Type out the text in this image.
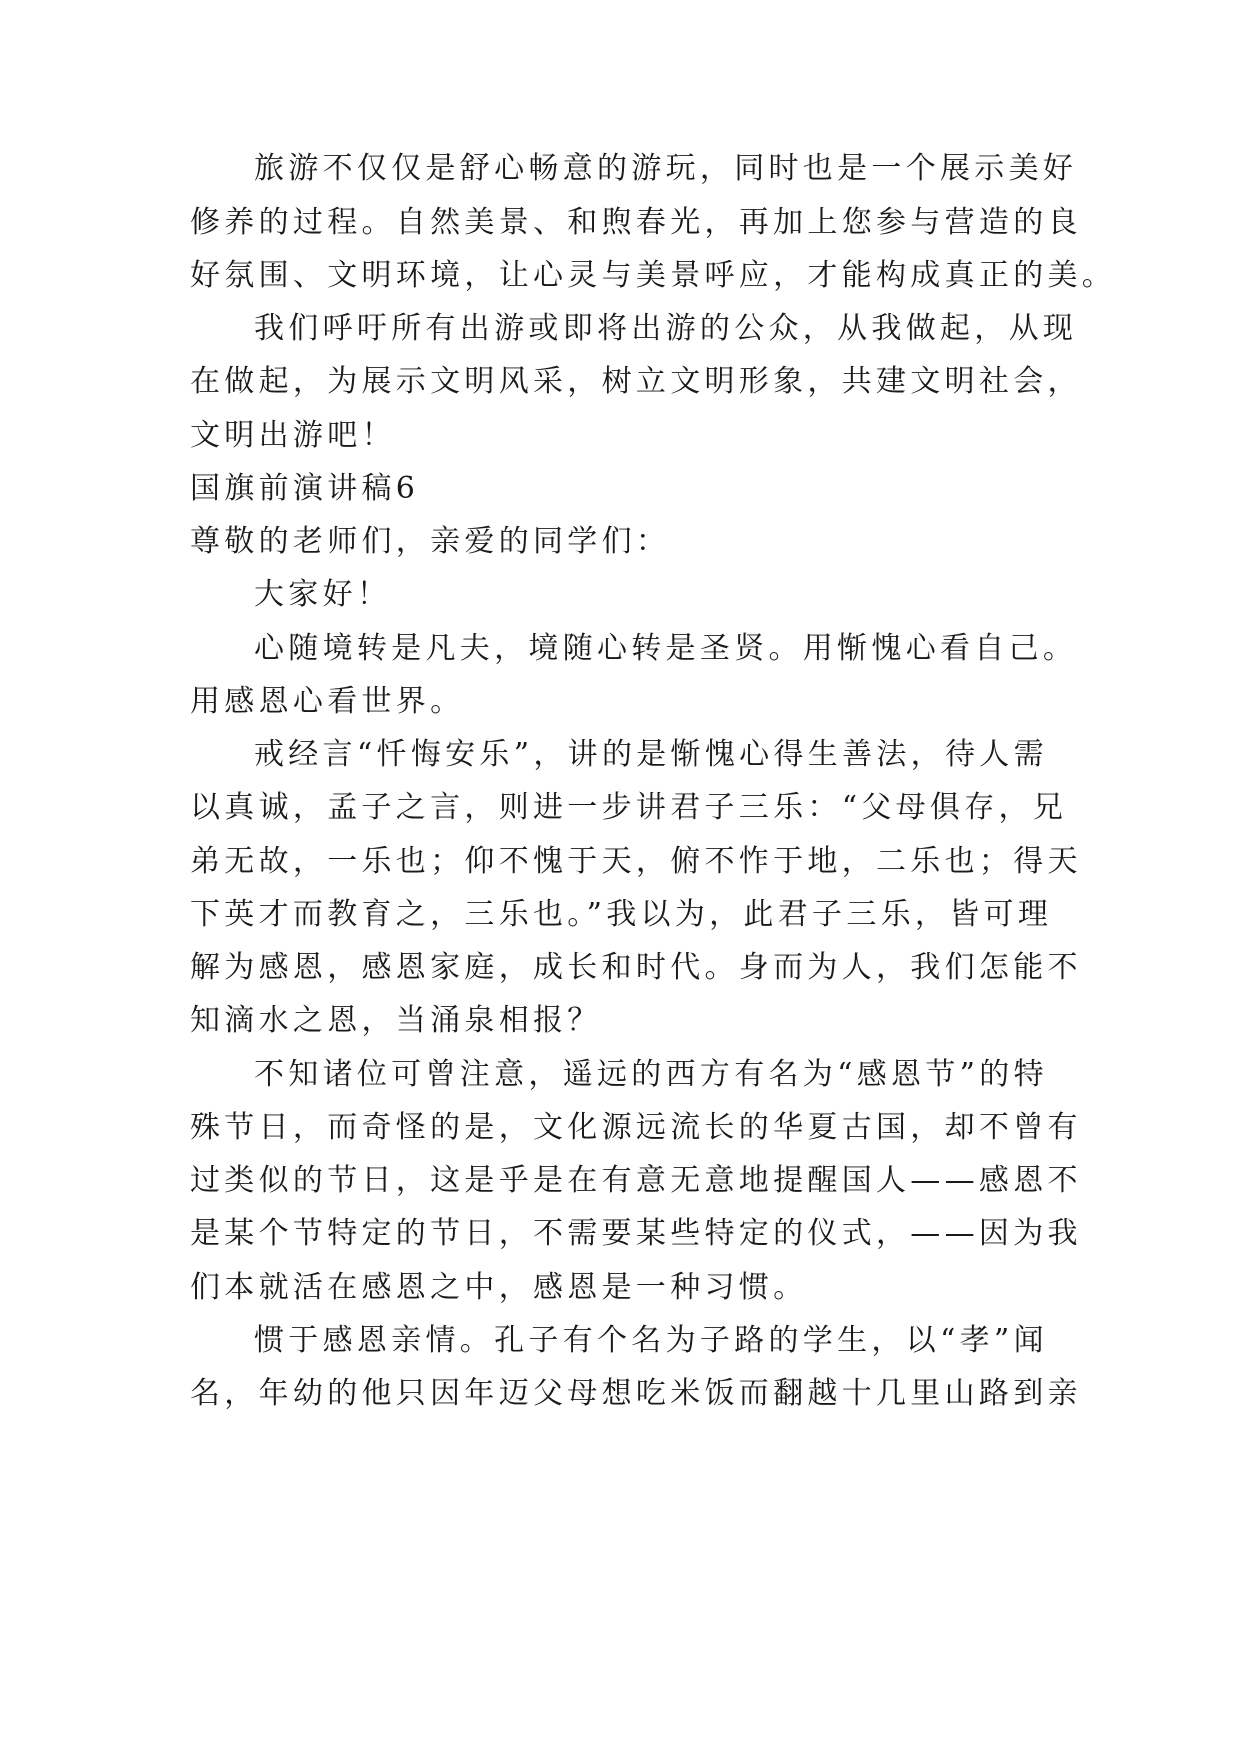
旅游不仅仅是舒心畅意的游玩，同时也是一个展示美好
修养的过程。自然美景、和煦春光，再加上您参与营造的良
好氛围、文明环境，让心灵与美景呼应，才能构成真正的美。
我们呼吁所有出游或即将出游的公众，从我做起，从现
在做起，为展示文明风采，树立文明形象，共建文明社会，
文明出游吧！
国旗前演讲稿6
尊敬的老师们，亲爱的同学们：
大家好！
心随境转是凡夫，境随心转是圣贤。用惭愧心看自己。
用感恩心看世界。
戒经言“忏悔安乐”，讲的是惭愧心得生善法，待人需
以真诚，孟子之言，则进一步讲君子三乐：“父母俱存，兄
弟无故，一乐也；仰不愧于天，俯不怍于地，二乐也；得天
下英才而教育之，三乐也。”我以为，此君子三乐，皆可理
解为感恩，感恩家庭，成长和时代。身而为人，我们怎能不
知滴水之恩，当涌泉相报？
不知诸位可曾注意，遥远的西方有名为“感恩节”的特
殊节日，而奇怪的是，文化源远流长的华夏古国，却不曾有
过类似的节日，这是乎是在有意无意地提醒国人——感恩不
是某个节特定的节日，不需要某些特定的仪式，——因为我
们本就活在感恩之中，感恩是一种习惯。
惯于感恩亲情。孔子有个名为子路的学生，以“孝”闻
名，年幼的他只因年迈父母想吃米饭而翻越十几里山路到亲
